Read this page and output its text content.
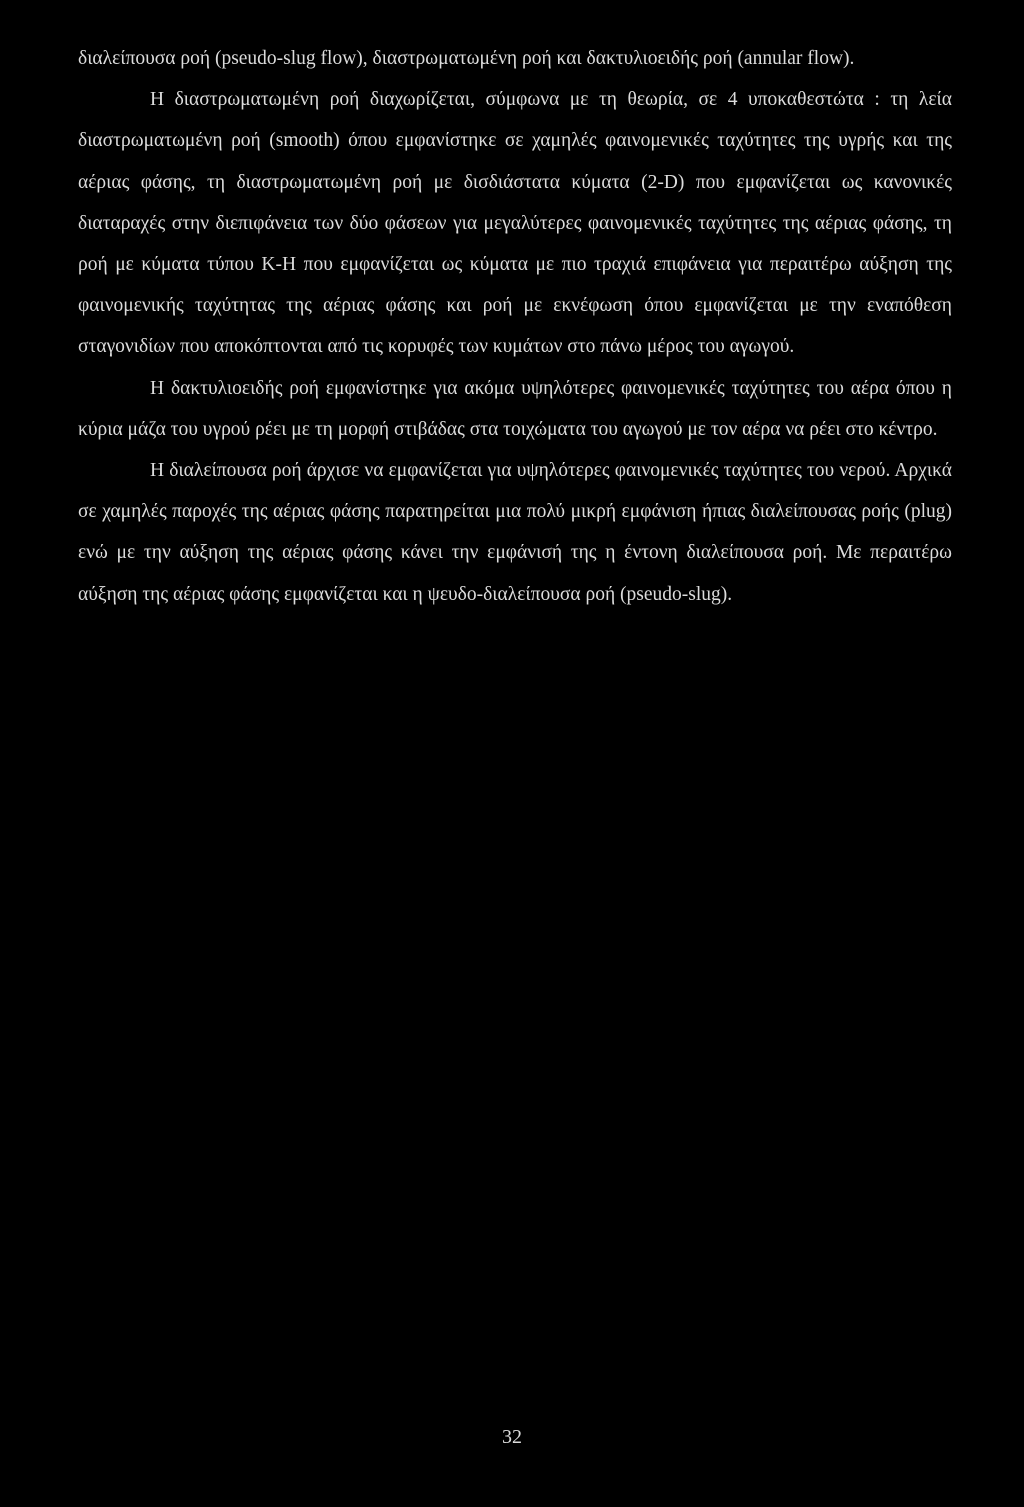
διαλείπουσα ροή (pseudo-slug flow), διαστρωματωμένη ροή και δακτυλιοειδής ροή (annular flow).

Η διαστρωματωμένη ροή διαχωρίζεται, σύμφωνα με τη θεωρία, σε 4 υποκαθεστώτα : τη λεία διαστρωματωμένη ροή (smooth) όπου εμφανίστηκε σε χαμηλές φαινομενικές ταχύτητες της υγρής και της αέριας φάσης, τη διαστρωματωμένη ροή με δισδιάστατα κύματα (2-D) που εμφανίζεται ως κανονικές διαταραχές στην διεπιφάνεια των δύο φάσεων για μεγαλύτερες φαινομενικές ταχύτητες της αέριας φάσης, τη ροή με κύματα τύπου K-H που εμφανίζεται ως κύματα με πιο τραχιά επιφάνεια για περαιτέρω αύξηση της φαινομενικής ταχύτητας της αέριας φάσης και ροή με εκνέφωση όπου εμφανίζεται με την εναπόθεση σταγονιδίων που αποκόπτονται από τις κορυφές των κυμάτων στο πάνω μέρος του αγωγού.

Η δακτυλιοειδής ροή εμφανίστηκε για ακόμα υψηλότερες φαινομενικές ταχύτητες του αέρα όπου η κύρια μάζα του υγρού ρέει με τη μορφή στιβάδας στα τοιχώματα του αγωγού με τον αέρα να ρέει στο κέντρο.

Η διαλείπουσα ροή άρχισε να εμφανίζεται για υψηλότερες φαινομενικές ταχύτητες του νερού. Αρχικά σε χαμηλές παροχές της αέριας φάσης παρατηρείται μια πολύ μικρή εμφάνιση ήπιας διαλείπουσας ροής (plug) ενώ με την αύξηση της αέριας φάσης κάνει την εμφάνισή της η έντονη διαλείπουσα ροή. Με περαιτέρω αύξηση της αέριας φάσης εμφανίζεται και η ψευδο-διαλείπουσα ροή (pseudo-slug).

32
